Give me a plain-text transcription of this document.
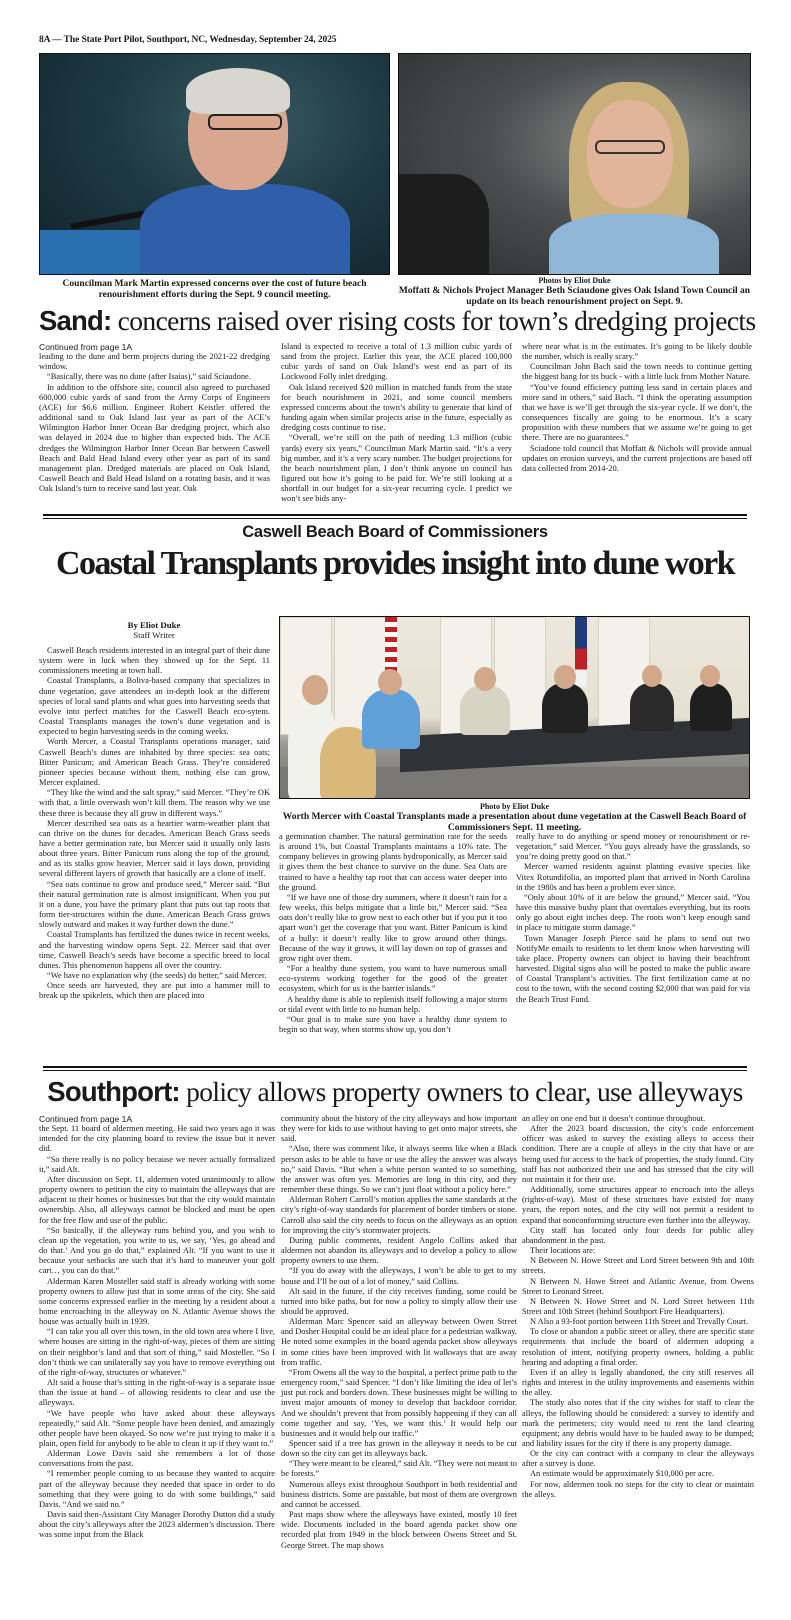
8A — The State Port Pilot, Southport, NC, Wednesday, September 24, 2025
Councilman Mark Martin expressed concerns over the cost of future beach renourishment efforts during the Sept. 9 council meeting.
Photos by Eliot Duke
Moffatt & Nichols Project Manager Beth Sciaudone gives Oak Island Town Council an update on its beach renourishment project on Sept. 9.
Sand: concerns raised over rising costs for town’s dredging projects

Continued from page 1A

leading to the dune and berm projects during the 2021-22 dredging window.

“Basically, there was no dune (after Isaias),” said Sciaudone.

In addition to the offshore site, council also agreed to purchased 600,000 cubic yards of sand from the Army Corps of Engineers (ACE) for $6.6 million. Engineer Robert Keistler offered the additional sand to Oak Island last year as part of the ACE’s Wilmington Harbor Inner Ocean Bar dredging project, which also was delayed in 2024 due to higher than expected bids. The ACE dredges the Wilmington Harbor Inner Ocean Bar between Caswell Beach and Bald Head Island every other year as part of its sand management plan. Dredged materials are placed on Oak Island, Caswell Beach and Bald Head Island on a rotating basis, and it was Oak Island’s turn to receive sand last year. Oak

Island is expected to receive a total of 1.3 million cubic yards of sand from the project. Earlier this year, the ACE placed 100,000 cubic yards of sand on Oak Island’s west end as part of its Lockwood Folly inlet dredging.

Oak Island received $20 million in matched funds from the state for beach nourishment in 2021, and some council members expressed concerns about the town’s ability to generate that kind of funding again when similar projects arise in the future, especially as dredging costs continue to rise.

“Overall, we’re still on the path of needing 1.3 million (cubic yards) every six years,” Councilman Mark Martin said. “It’s a very big number, and it’s a very scary number. The budget projections for the beach nourishment plan, I don’t think anyone on council has figured out how it’s going to be paid for. We’re still looking at a shortfall in our budget for a six-year recurring cycle. I predict we won’t see bids any-

where near what is in the estimates. It’s going to be likely double the number, which is really scary.”

Councilman John Bach said the town needs to continue getting the biggest bang for its buck - with a little luck from Mother Nature.

“You’ve found efficiency putting less sand in certain places and more sand in others,” said Bach. “I think the operating assumption that we have is we’ll get through the six-year cycle. If we don’t, the consequences fiscally are going to be enormous. It’s a scary proposition with these numbers that we assume we’re going to get there. There are no guarantees.”

Sciadone told council that Moffatt & Nichols will provide annual updates on erosion surveys, and the current projections are based off data collected from 2014-20.

Caswell Beach Board of Commissioners
Coastal Transplants provides insight into dune work
By Eliot Duke
Staff Writer
Photo by Eliot Duke
Worth Mercer with Coastal Transplants made a presentation about dune vegetation at the Caswell Beach Board of Commissioners Sept. 11 meeting.

Caswell Beach residents interested in an integral part of their dune system were in luck when they showed up for the Sept. 11 commissioners meeting at town hall.

Coastal Transplants, a Boliva-based company that specializes in dune vegetation, gave attendees an in-depth look at the different species of local sand plants and what goes into harvesting seeds that evolve into perfect matches for the Caswell Beach eco-sytem. Coastal Transplants manages the town’s dune vegetation and is expected to begin harvesting seeds in the coming weeks.

Worth Mercer, a Coastal Transplants operations manager, said Caswell Beach’s dunes are inhabited by three species: sea oats; Bitter Panicum; and American Beach Grass. They’re considered pioneer species because without them, nothing else can grow, Mercer explained.

“They like the wind and the salt spray,” said Mercer. “They’re OK with that, a little overwash won’t kill them. The reason why we use these three is because they all grow in different ways.”

Mercer described sea oats as a heartier warm-weather plant that can thrive on the dunes for decades. American Beach Grass seeds have a better germination rate, but Mercer said it usually only lasts about three years. Bitter Panicum runs along the top of the ground, and as its stalks grow heavier, Mercer said it lays down, providing several different layers of growth that basically are a clone of itself.

“Sea oats continue to grow and produce seed,” Mercer said. “But their natural germination rate is almost insignificant. When you put it on a dune, you have the primary plant that puts out tap roots that form tier-structures within the dune. American Beach Grass grows slowly outward and makes it way further down the dune.”

Coastal Transplants has fertilized the dunes twice in recent weeks, and the harvesting window opens Sept. 22. Mercer said that over time, Caswell Beach’s seeds have become a specific breed to local dunes. This phenomenon happens all over the country.

“We have no explanation why (the seeds) do better,” said Mercer.

Once seeds are harvested, they are put into a hammer mill to break up the spikelets, which then are placed into

a germination chamber. The natural germination rate for the seeds is around 1%, but Coastal Transplants maintains a 10% rate. The company believes in growing plants hydroponically, as Mercer said it gives them the best chance to survive on the dune. Sea Oats are trained to have a healthy tap root that can access water deeper into the ground.

“If we have one of those dry summers, where it doesn’t rain for a few weeks, this helps mitigate that a little bit,” Mercer said. “Sea oats don’t really like to grow next to each other but if you put it too apart won’t get the coverage that you want. Bitter Panicum is kind of a bully: it doesn’t really like to grow around other things. Because of the way it grows, it will lay down on top of grasses and grow right over them.

“For a healthy dune system, you want to have numerous small eco-systems working together for the good of the greater ecosystem, which for us is the barrier islands.”

A healthy dune is able to replenish itself following a major storm or tidal event with little to no human help.

“Our goal is to make sure you have a healthy dune system to begin so that way, when storms show up, you don’t

really have to do anything or spend money or renourishment or re-vegetation,” said Mercer. “You guys already have the grasslands, so you’re doing pretty good on that.”

Mercer warned residents against planting evasive species like Vitex Rotundifolia, an imported plant that arrived in North Carolina in the 1980s and has been a problem ever since.

“Only about 10% of it are below the ground,” Mercer said. “You have this massive bushy plant that overtakes everything, but its roots only go about eight inches deep. The roots won’t keep enough sand in place to mitigate storm damage.”

Town Manager Joseph Pierce said he plans to send out two NotifyMe emails to residents to let them know when harvesting will take place. Property owners can object to having their beachfront harvested. Digital signs also will be posted to make the public aware of Coastal Transplant’s activities. The first fertilization came at no cost to the town, with the second costing $2,000 that was paid for via the Beach Trust Fund.

Southport: policy allows property owners to clear, use alleyways

Continued from page 1A

the Sept. 11 board of aldermen meeting. He said two years ago it was intended for the city planning board to review the issue but it never did.

“So there really is no policy because we never actually formalized it,” said Alt.

After discussion on Sept. 11, aldermen voted unanimously to allow property owners to petition the city to maintain the alleyways that are adjacent to their homes or businesses but that the city would maintain ownership. Also, all alleyways cannot be blocked and must be open for the free flow and use of the public.

“So basically, if the alleyway runs behind you, and you wish to clean up the vegetation, you write to us, we say, ‘Yes, go ahead and do that.’ And you go do that,” explained Alt. “If you want to use it because your setbacks are such that it’s hard to maneuver your golf cart… you can do that.”

Alderman Karen Mosteller said staff is already working with some property owners to allow just that in some areas of the city. She said some concerns expressed earlier in the meeting by a resident about a home encroaching in the alleyway on N. Atlantic Avenue shows the house was actually built in 1939.

“I can take you all over this town, in the old town area where I live, where houses are sitting in the right-of-way, pieces of them are sitting on their neighbor’s land and that sort of thing,” said Mosteller. “So I don’t think we can unilaterally say you have to remove everything out of the right-of-way, structures or whatever.”

Alt said a house that’s sitting in the right-of-way is a separate issue than the issue at hand – of allowing residents to clear and use the alleyways.

“We have people who have asked about these alleyways repeatedly,” said Alt. “Some people have been denied, and amazingly other people have been okayed. So now we’re just trying to make it a plain, open field for anybody to be able to clean it up if they want to.”

Alderman Lowe Davis said she remembers a lot of those conversations from the past.

“I remember people coming to us because they wanted to acquire part of the alleyway because they needed that space in order to do something that they were going to do with some buildings,” said Davis. “And we said no.”

Davis said then-Assistant City Manager Dorothy Dutton did a study about the city’s alleyways after the 2023 aldermen’s discussion. There was some input from the Black

community about the history of the city alleyways and how important they were for kids to use without having to get onto major streets, she said.

“Also, there was comment like, it always seems like when a Black person asks to be able to have or use the alley the answer was always no,” said Davis. “But when a white person wanted to so something, the answer was often yes. Memories are long in this city, and they remember these things. So we can’t just float without a policy here.”

Alderman Robert Carroll’s motion applies the same standards at the city’s right-of-way standards for placement of border timbers or stone. Carroll also said the city needs to focus on the alleyways as an option for improving the city’s stormwater projects.

During public comments, resident Angelo Collins asked that aldermen not abandon its alleyways and to develop a policy to allow property owners to use them.

“If you do away with the alleyways, I won’t be able to get to my house and I’ll be out of a lot of money,” said Collins.

Alt said in the future, if the city receives funding, some could be turned into bike paths, but for now a policy to simply allow their use should be approved.

Alderman Marc Spencer said an alleyway between Owen Street and Dosher Hospital could be an ideal place for a pedestrian walkway. He noted some examples in the board agenda packet show alleyways in some cities have been improved with lit walkways that are away from traffic.

“From Owens all the way to the hospital, a perfect prime path to the emergency room,” said Spencer. “I don’t like limiting the idea of let’s just put rock and borders down. These businesses might be willing to invest major amounts of money to develop that backdoor corridor. And we shouldn’t prevent that from possibly happening if they can all come together and say, ‘Yes, we want this.’ It would help our businesses and it would help our traffic.”

Spencer said if a tree has grown in the alleyway it needs to be cut down so the city can get its alleyways back.

“They were meant to be cleared,” said Alt. “They were not meant to be forests.”

Numerous alleys exist throughout Southport in both residential and business districts. Some are passable, but most of them are overgrown and cannot be accessed.

Past maps show where the alleyways have existed, mostly 10 feet wide. Documents included in the board agenda packet show one recorded plat from 1949 in the block between Owens Street and St. George Street. The map shows

an alley on one end but it doesn’t continue throughout.

After the 2023 board discussion, the city’s code enforcement officer was asked to survey the existing alleys to access their condition. There are a couple of alleys in the city that have or are being used for access to the back of properties, the study found. City staff has not authorized their use and has stressed that the city will not maintain it for their use.

Additionally, some structures appear to encroach into the alleys (rights-of-way). Most of these structures have existed for many years, the report notes, and the city will not permit a resident to expand that nonconforming structure even further into the alleyway.

City staff has located only four deeds for public alley abandonment in the past.

Their locations are:

N Between N. Howe Street and Lord Street between 9th and 10th streets.

N Between N. Howe Street and Atlantic Avenue, from Owens Street to Leonard Street.

N Between N. Howe Street and N. Lord Street between 11th Street and 10th Street (behind Southport Fire Headquarters).

N Also a 93-foot portion between 11th Street and Trevally Court.

To close or abandon a public street or alley, there are specific state requirements that include the board of aldermen adopting a resolution of intent, notifying property owners, holding a public hearing and adopting a final order.

Even if an alley is legally abandoned, the city still reserves all rights and interest in the utility improvements and easements within the alley.

The study also notes that if the city wishes for staff to clear the alleys, the following should be considered: a survey to identify and mark the perimeters; city would need to rent the land clearing equipment; any debris would have to be hauled away to be dumped; and liability issues for the city if there is any property damage.

Or the city can contract with a company to clear the alleyways after a survey is done.

An estimate would be approximately $10,000 per acre.

For now, aldermen took no steps for the city to clear or maintain the alleys.
